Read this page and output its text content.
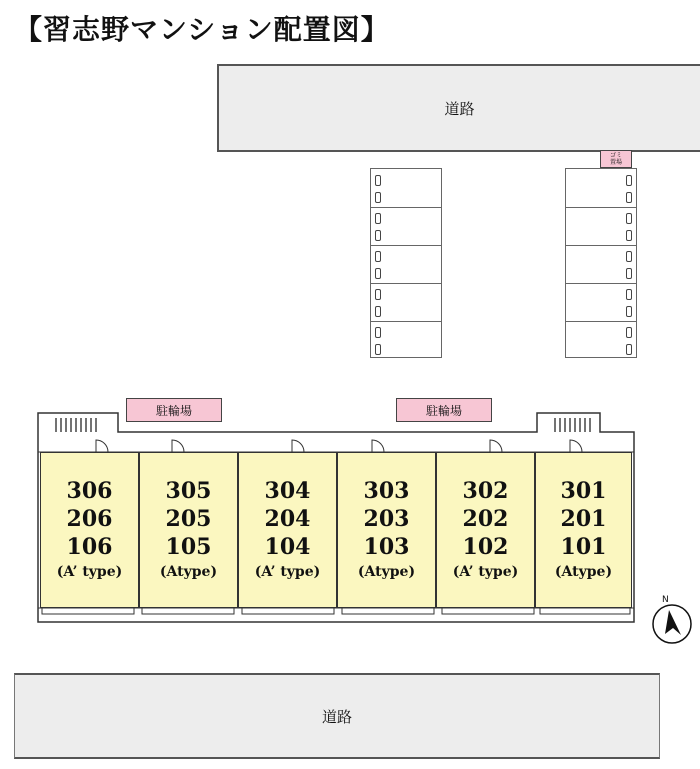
【習志野マンション配置図】
道路
ゴミ
置場
駐輪場	駐輪場
306
206
106
(A’ type)
305
205
105
(Atype)
304
204
104
(A’ type)
303
203
103
(Atype)
302
202
102
(A’ type)
301
201
101
(Atype)
N
道路
